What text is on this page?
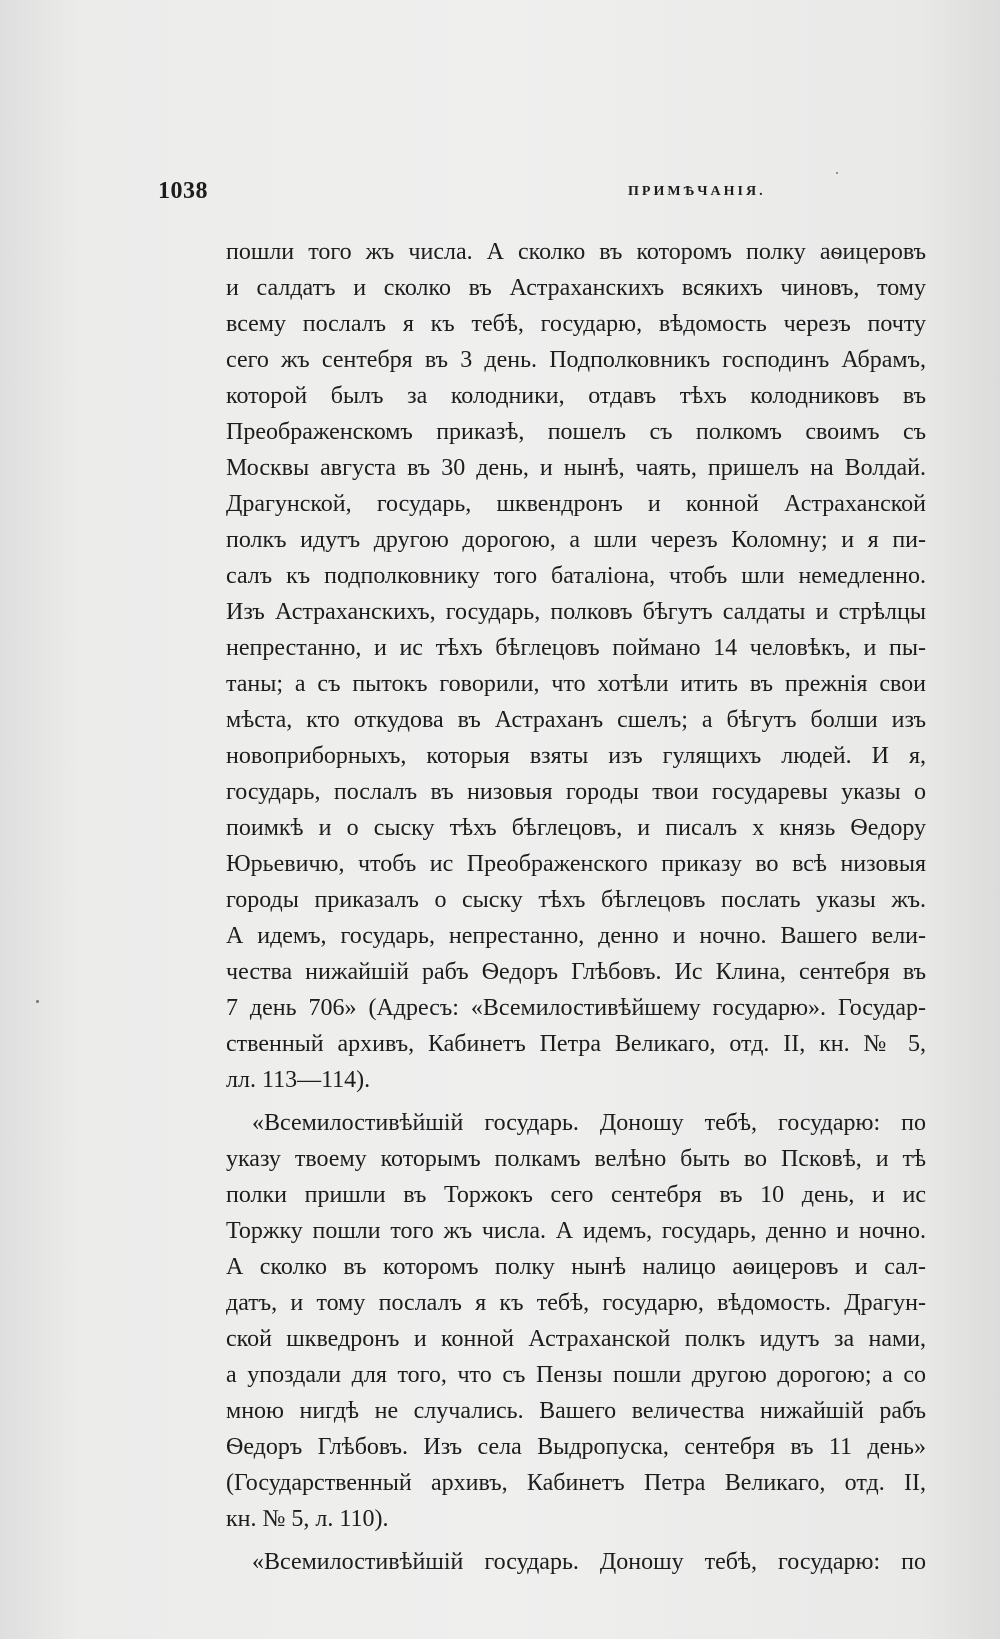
1038	ПРИМѢЧАНIЯ.
пошли того жъ числа. А сколко въ которомъ полку аѳицеровъ
и салдатъ и сколко въ Астраханскихъ всякихъ чиновъ, тому
всему послалъ я къ тебѣ, государю, вѣдомость черезъ почту
сего жъ сентебря въ 3 день. Подполковникъ господинъ Абрамъ,
которой былъ за колодники, отдавъ тѣхъ колодниковъ въ
Преображенскомъ приказѣ, пошелъ съ полкомъ своимъ съ
Москвы августа въ 30 день, и нынѣ, чаять, пришелъ на Волдай.
Драгунской, государь, шквендронъ и конной Астраханской
полкъ идутъ другою дорогою, а шли черезъ Коломну; и я пи-
салъ къ подполковнику того баталiона, чтобъ шли немедленно.
Изъ Астраханскихъ, государь, полковъ бѣгутъ салдаты и стрѣлцы
непрестанно, и ис тѣхъ бѣглецовъ поймано 14 человѣкъ, и пы-
таны; а съ пытокъ говорили, что хотѣли итить въ прежнiя свои
мѣста, кто откудова въ Астраханъ сшелъ; а бѣгутъ болши изъ
новоприборныхъ, которыя взяты изъ гулящихъ людей. И я,
государь, послалъ въ низовыя городы твои государевы указы о
поимкѣ и о сыску тѣхъ бѣглецовъ, и писалъ х князь Ѳедору
Юрьевичю, чтобъ ис Преображенского приказу во всѣ низовыя
городы приказалъ о сыску тѣхъ бѣглецовъ послать указы жъ.
А идемъ, государь, непрестанно, денно и ночно. Вашего вели-
чества нижайшiй рабъ Ѳедоръ Глѣбовъ. Ис Клина, сентебря въ
7 день 706» (Адресъ: «Всемилостивѣйшему государю». Государ-
ственный архивъ, Кабинетъ Петра Великаго, отд. II, кн. № 5,
лл. 113—114).
«Всемилостивѣйшiй государь. Доношу тебѣ, государю: по
указу твоему которымъ полкамъ велѣно быть во Псковѣ, и тѣ
полки пришли въ Торжокъ сего сентебря въ 10 день, и ис
Торжку пошли того жъ числа. А идемъ, государь, денно и ночно.
А сколко въ которомъ полку нынѣ налицо аѳицеровъ и сал-
датъ, и тому послалъ я къ тебѣ, государю, вѣдомость. Драгун-
ской шкведронъ и конной Астраханской полкъ идутъ за нами,
а упоздали для того, что съ Пензы пошли другою дорогою; а со
мною нигдѣ не случались. Вашего величества нижайшiй рабъ
Ѳедоръ Глѣбовъ. Изъ села Выдропуска, сентебря въ 11 день»
(Государственный архивъ, Кабинетъ Петра Великаго, отд. II,
кн. № 5, л. 110).
«Всемилостивѣйшiй государь. Доношу тебѣ, государю: по
